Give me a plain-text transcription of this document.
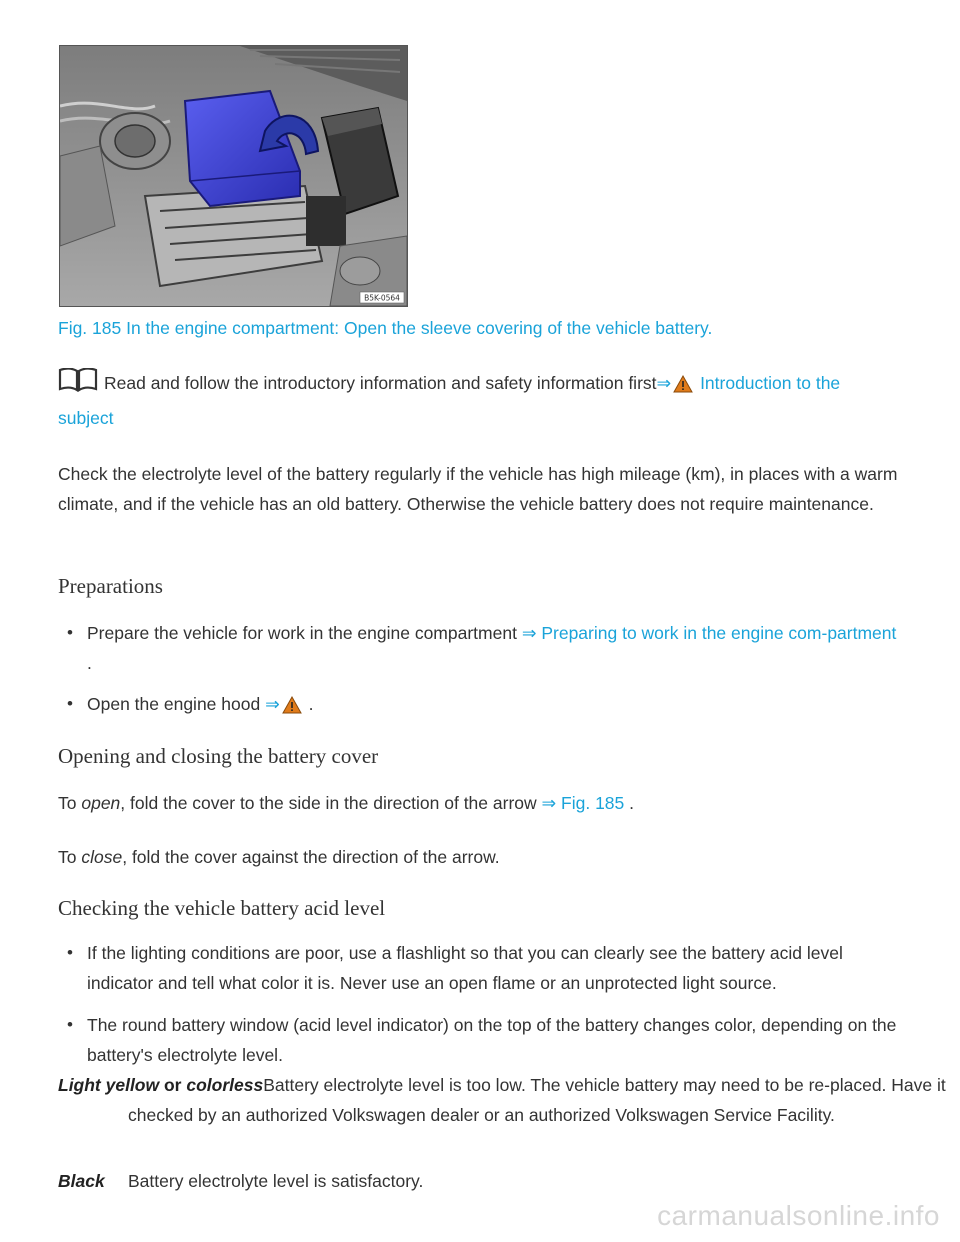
B5K-0564
Fig. 185 In the engine compartment: Open the sleeve covering of the vehicle battery.
Read and follow the introductory information and safety information first⇒ Introduction to the subject
Check the electrolyte level of the battery regularly if the vehicle has high mileage (km), in places with a warm climate, and if the vehicle has an old battery. Otherwise the vehicle battery does not require maintenance.
Preparations
• Prepare the vehicle for work in the engine compartment ⇒ Preparing to work in the engine com-partment .
• Open the engine hood ⇒ .
Opening and closing the battery cover
To open, fold the cover to the side in the direction of the arrow ⇒ Fig. 185 .
To close, fold the cover against the direction of the arrow.
Checking the vehicle battery acid level
• If the lighting conditions are poor, use a flashlight so that you can clearly see the battery acid level indicator and tell what color it is. Never use an open flame or an unprotected light source.
• The round battery window (acid level indicator) on the top of the battery changes color, depending on the battery's electrolyte level.
Light yellow or colorlessBattery electrolyte level is too low. The vehicle battery may need to be re-placed. Have it checked by an authorized Volkswagen dealer or an authorized Volkswagen Service Facility.
Black Battery electrolyte level is satisfactory.
carmanualsonline.info
